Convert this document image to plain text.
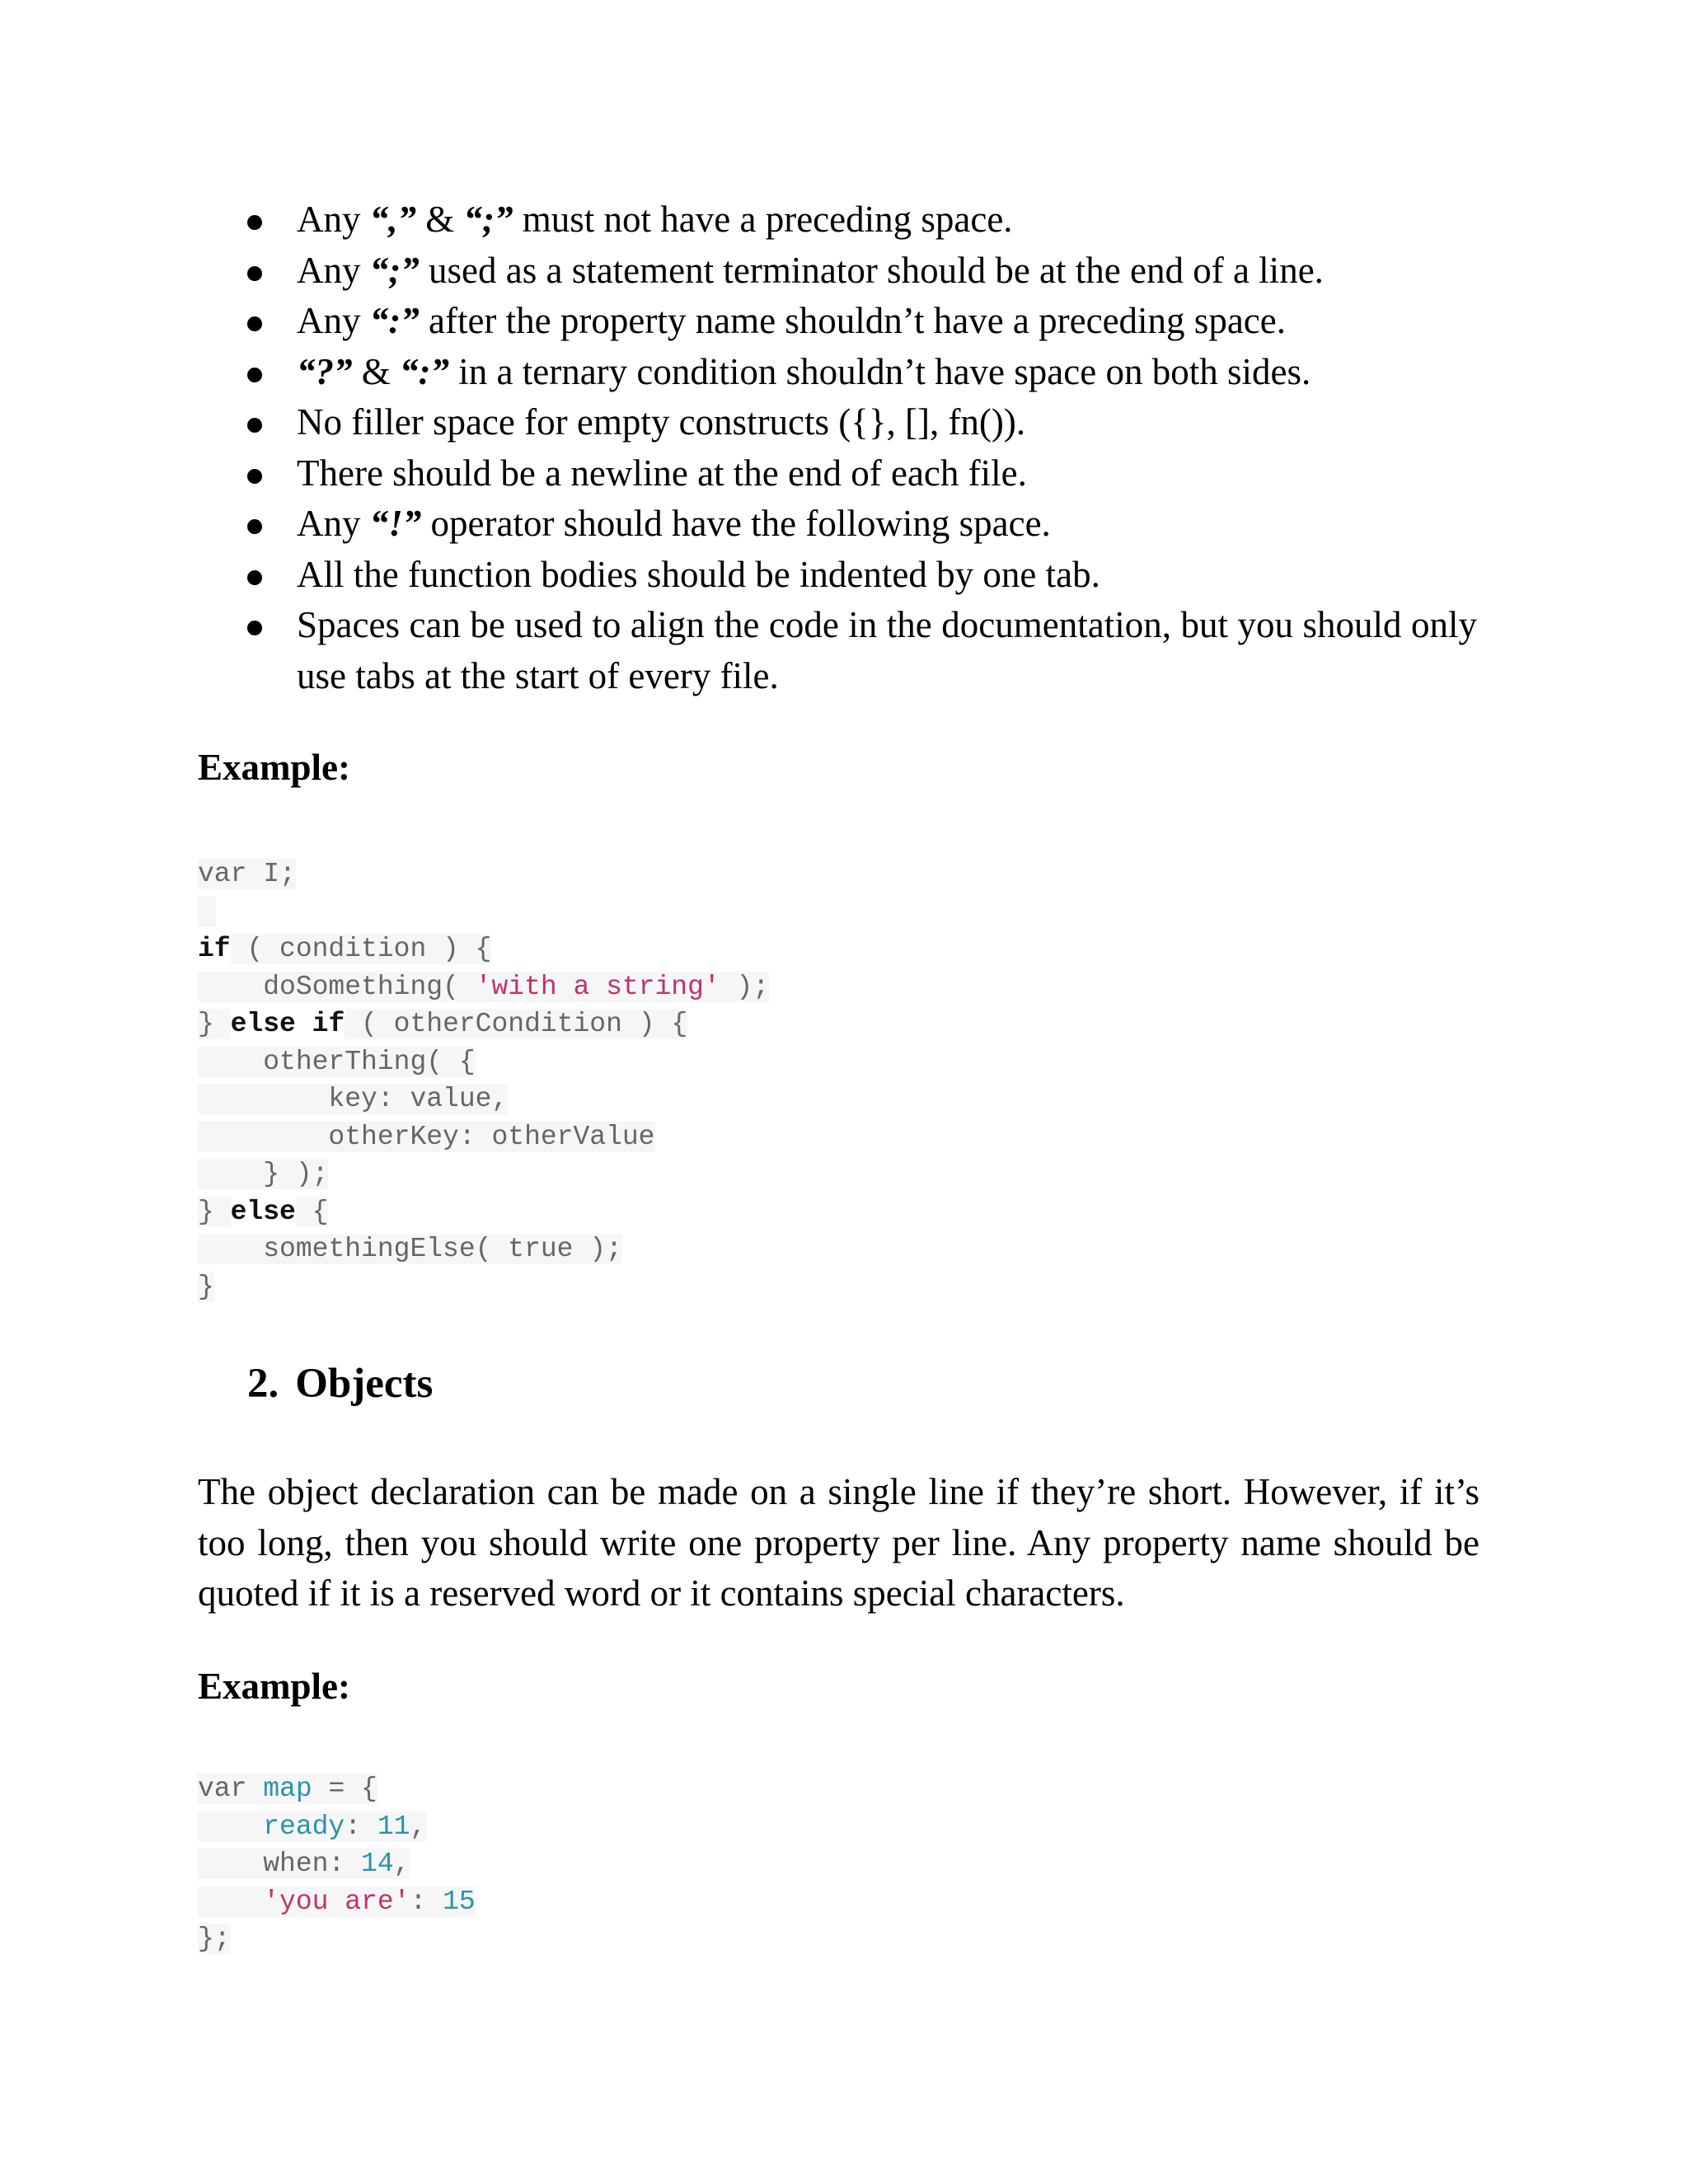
Any “,” & “;” must not have a preceding space.
Any “;” used as a statement terminator should be at the end of a line.
Any “:” after the property name shouldn’t have a preceding space.
“?” & “:” in a ternary condition shouldn’t have space on both sides.
No filler space for empty constructs ({}, [], fn()).
There should be a newline at the end of each file.
Any “!” operator should have the following space.
All the function bodies should be indented by one tab.
Spaces can be used to align the code in the documentation, but you should only use tabs at the start of every file.

Example:

var I;
if ( condition ) {
doSomething( 'with a string' );
} else if ( otherCondition ) {
otherThing( {
key: value,
otherKey: otherValue
} );
} else {
somethingElse( true );
}
2. Objects

The object declaration can be made on a single line if they’re short. However, if it’s too long, then you should write one property per line. Any property name should be quoted if it is a reserved word or it contains special characters.

Example:

var map = {
ready: 11,
when: 14,
'you are': 15
};
